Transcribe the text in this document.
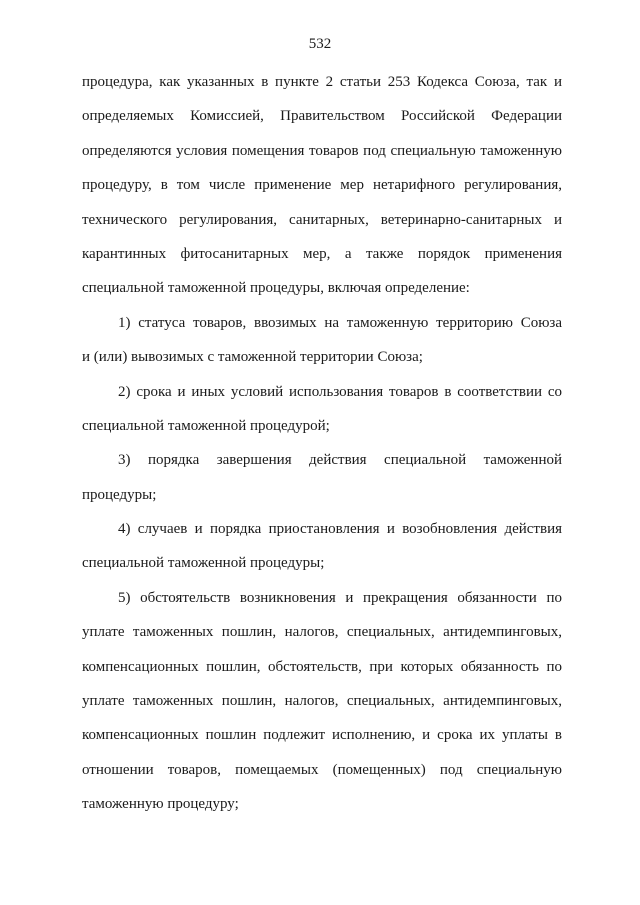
532
процедура, как указанных в пункте 2 статьи 253 Кодекса Союза, так и
определяемых Комиссией, Правительством Российской Федерации
определяются условия помещения товаров под специальную таможенную
процедуру, в том числе применение мер нетарифного регулирования,
технического регулирования, санитарных, ветеринарно-санитарных и
карантинных фитосанитарных мер, а также порядок применения
специальной таможенной процедуры, включая определение:
1) статуса товаров, ввозимых на таможенную территорию Союза
и (или) вывозимых с таможенной территории Союза;
2) срока и иных условий использования товаров в соответствии со
специальной таможенной процедурой;
3) порядка завершения действия специальной таможенной
процедуры;
4) случаев и порядка приостановления и возобновления действия
специальной таможенной процедуры;
5) обстоятельств возникновения и прекращения обязанности по
уплате таможенных пошлин, налогов, специальных, антидемпинговых,
компенсационных пошлин, обстоятельств, при которых обязанность по
уплате таможенных пошлин, налогов, специальных, антидемпинговых,
компенсационных пошлин подлежит исполнению, и срока их уплаты в
отношении товаров, помещаемых (помещенных) под специальную
таможенную процедуру;
